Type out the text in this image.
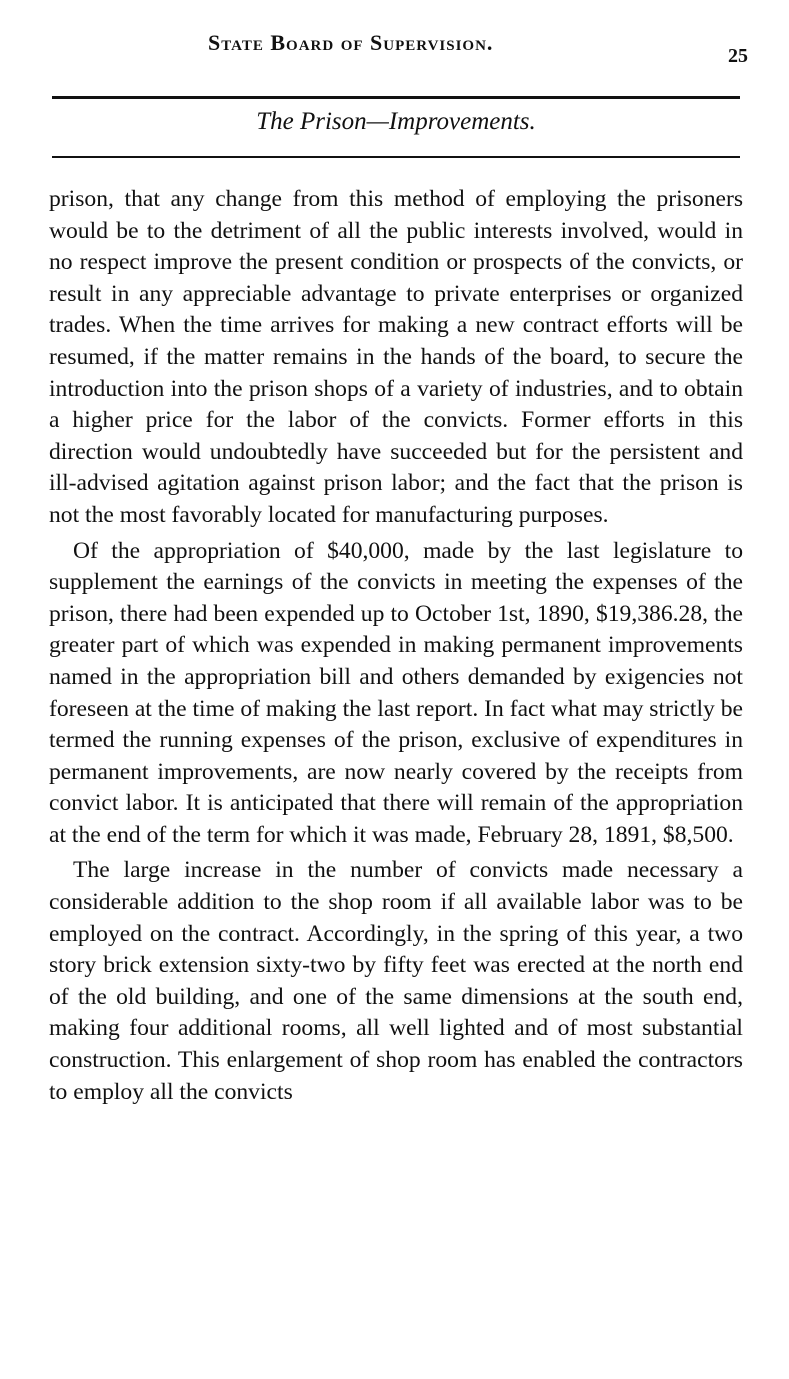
State Board of Supervision.
25
The Prison—Improvements.

prison, that any change from this method of employing the prisoners would be to the detriment of all the public interests involved, would in no respect improve the present condition or prospects of the convicts, or result in any appreciable advantage to private enterprises or organized trades. When the time arrives for making a new contract efforts will be resumed, if the matter remains in the hands of the board, to secure the introduction into the prison shops of a variety of industries, and to obtain a higher price for the labor of the convicts. Former efforts in this direction would undoubtedly have succeeded but for the persistent and ill-advised agitation against prison labor; and the fact that the prison is not the most favorably located for manufacturing purposes.

Of the appropriation of $40,000, made by the last legislature to supplement the earnings of the convicts in meeting the expenses of the prison, there had been expended up to October 1st, 1890, $19,386.28, the greater part of which was expended in making permanent improvements named in the appropriation bill and others demanded by exigencies not foreseen at the time of making the last report. In fact what may strictly be termed the running expenses of the prison, exclusive of expenditures in permanent improvements, are now nearly covered by the receipts from convict labor. It is anticipated that there will remain of the appropriation at the end of the term for which it was made, February 28, 1891, $8,500.

The large increase in the number of convicts made necessary a considerable addition to the shop room if all available labor was to be employed on the contract. Accordingly, in the spring of this year, a two story brick extension sixty-two by fifty feet was erected at the north end of the old building, and one of the same dimensions at the south end, making four additional rooms, all well lighted and of most substantial construction. This enlargement of shop room has enabled the contractors to employ all the convicts
